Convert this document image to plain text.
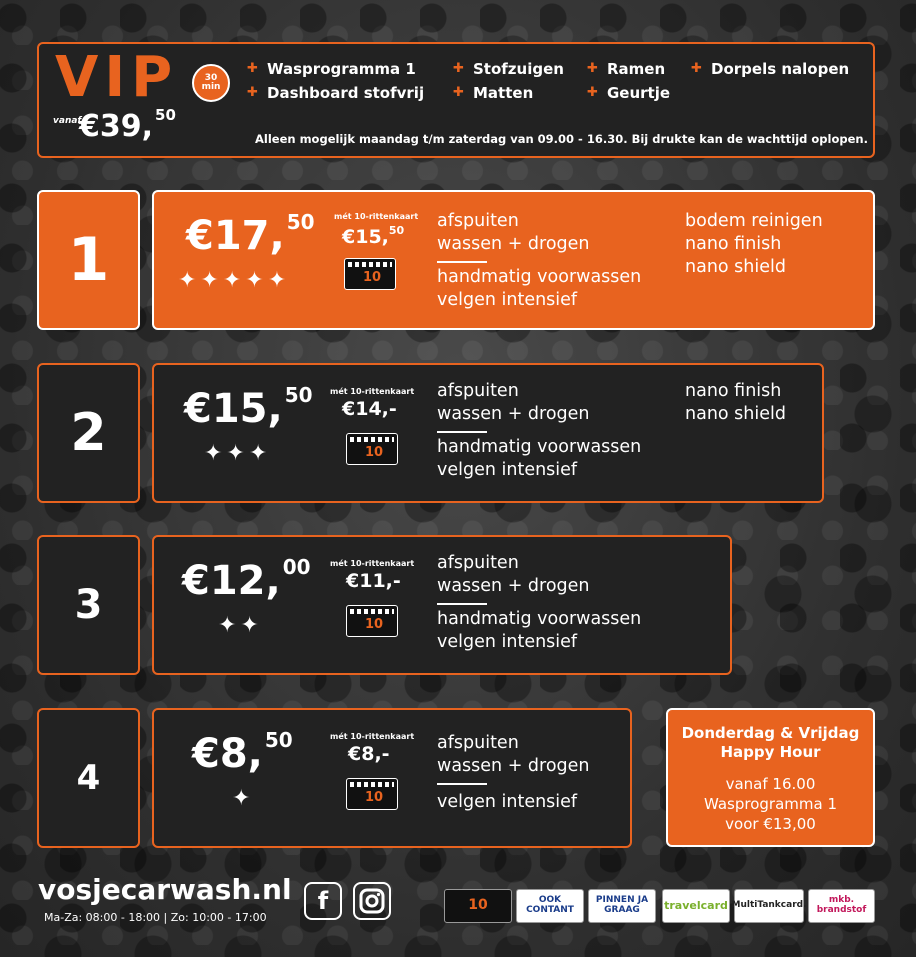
VIP
vanaf
€39, $^{50}$
30 min
✚ Wasprogramma 1	✚ Stofzuigen ✚ Ramen ✚ Dorpels nalopen
✚ Dashboard stofvrij ✚ Matten	✚ Geurtje
Alleen mogelijk maandag t/m zaterdag van 09.00 - 16.30. Bij drukte kan de wachttijd oplopen.
1	€17, $^{50}$
✦✦✦✦✦
mét 10-rittenkaart
€15,50
10 afspuiten
wassen + drogen
handmatig voorwassen
velgen intensief
bodem reinigen
nano finish
nano shield
2	€15, $^{50}$
✦✦✦
mét 10-rittenkaart
€14,-
10
afspuiten
wassen + drogen
handmatig voorwassen
velgen intensief
nano finish
nano shield
3
€12, $^{00}$
✦✦
mét 10-rittenkaart
€11,-
10
afspuiten
wassen + drogen
handmatig voorwassen
velgen intensief
4
€8, $^{50}$
✦
mét 10-rittenkaart
€8,-
10	afspuiten
wassen + drogen
velgen intensief
Donderdag & Vrijdag
Happy Hour
vanaf 16.00
Wasprogramma 1
voor €13,00
vosjecarwash.nl
Ma-Za: 08:00 - 18:00 | Zo: 10:00 - 17:00
f	10	OOK CONTANT
PINNEN JA GRAAG	travelcard MultiTankcard.	mkb. brandstof
